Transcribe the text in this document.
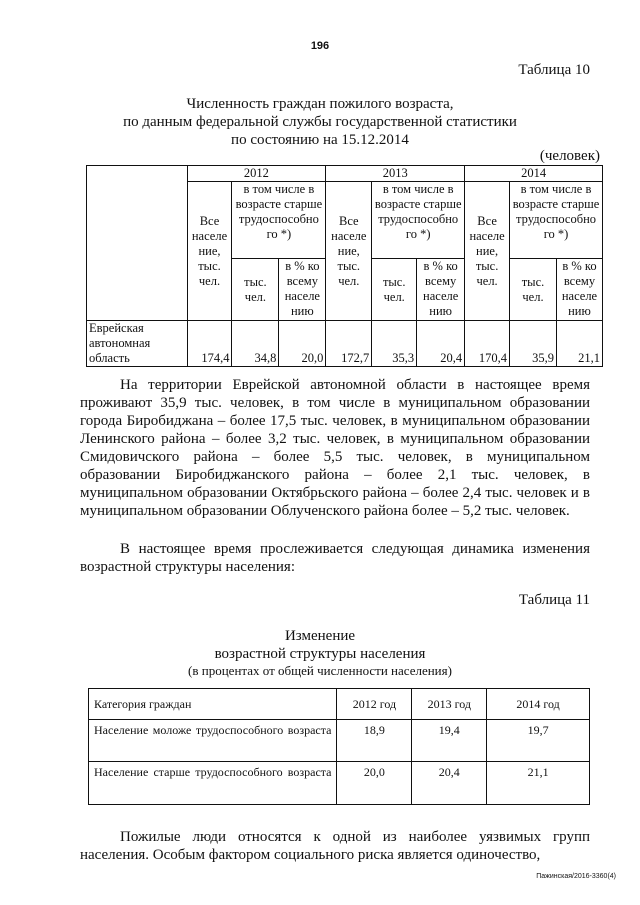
196
Таблица 10
Численность граждан пожилого возраста,
по данным федеральной службы государственной статистики
по состоянию на 15.12.2014
(человек)
	2012			2013			2014		
	Все населе ние, тыс. чел.	в том числе в возрасте старше трудоспособно го *)		Все населе ние, тыс. чел.	в том числе в возрасте старше трудоспособно го *)		Все населе ние, тыс. чел.	в том числе в возрасте старше трудоспособно го *)	
		тыс. чел.	в % ко всему населе нию		тыс. чел.	в % ко всему населе нию		тыс. чел.	в % ко всему населе нию
Еврейская автономная область	174,4	34,8	20,0	172,7	35,3	20,4	170,4	35,9	21,1
На территории Еврейской автономной области в настоящее время проживают 35,9 тыс. человек, в том числе в муниципальном образовании города Биробиджана – более 17,5 тыс. человек, в муниципальном образовании Ленинского района – более 3,2 тыс. человек, в муниципальном образовании Смидовичского района – более 5,5 тыс. человек, в муниципальном образовании Биробиджанского района – более 2,1 тыс. человек, в муниципальном образовании Октябрьского района – более 2,4 тыс. человек и в муниципальном образовании Облученского района более – 5,2 тыс. человек.
В настоящее время прослеживается следующая динамика изменения возрастной структуры населения:
Таблица 11
Изменение
возрастной структуры населения
(в процентах от общей численности населения)
Категория граждан	2012 год	2013 год	2014 год
Население моложе трудоспособного возраста	18,9	19,4	19,7
Население старше трудоспособного возраста	20,0	20,4	21,1
Пожилые люди относятся к одной из наиболее уязвимых групп населения. Особым фактором социального риска является одиночество,
Пажинская/2016-3360(4)
